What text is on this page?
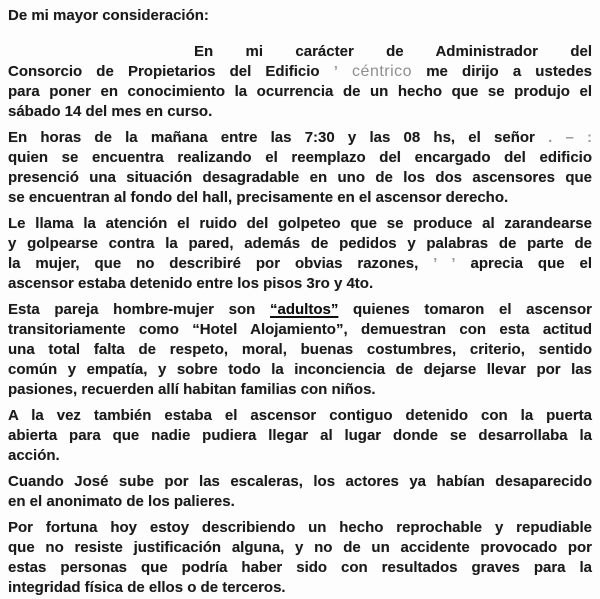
De mi mayor consideración:
En mi carácter de Administrador del
Consorcio de Propietarios del Edificio ’ céntrico me dirijo a ustedes
para poner en conocimiento la ocurrencia de un hecho que se produjo el
sábado 14 del mes en curso.
En horas de la mañana entre las 7:30 y las 08 hs, el señor . – :
quien se encuentra realizando el reemplazo del encargado del edificio
presenció una situación desagradable en uno de los dos ascensores que
se encuentran al fondo del hall, precisamente en el ascensor derecho.
Le llama la atención el ruido del golpeteo que se produce al zarandearse
y golpearse contra la pared, además de pedidos y palabras de parte de
la mujer, que no describiré por obvias razones, ’ ’ aprecia que el
ascensor estaba detenido entre los pisos 3ro y 4to.
Esta pareja hombre-mujer son “adultos” quienes tomaron el ascensor
transitoriamente como “Hotel Alojamiento”, demuestran con esta actitud
una total falta de respeto, moral, buenas costumbres, criterio, sentido
común y empatía, y sobre todo la inconciencia de dejarse llevar por las
pasiones, recuerden allí habitan familias con niños.
A la vez también estaba el ascensor contiguo detenido con la puerta
abierta para que nadie pudiera llegar al lugar donde se desarrollaba la
acción.
Cuando José sube por las escaleras, los actores ya habían desaparecido
en el anonimato de los palieres.
Por fortuna hoy estoy describiendo un hecho reprochable y repudiable
que no resiste justificación alguna, y no de un accidente provocado por
estas personas que podría haber sido con resultados graves para la
integridad física de ellos o de terceros.
